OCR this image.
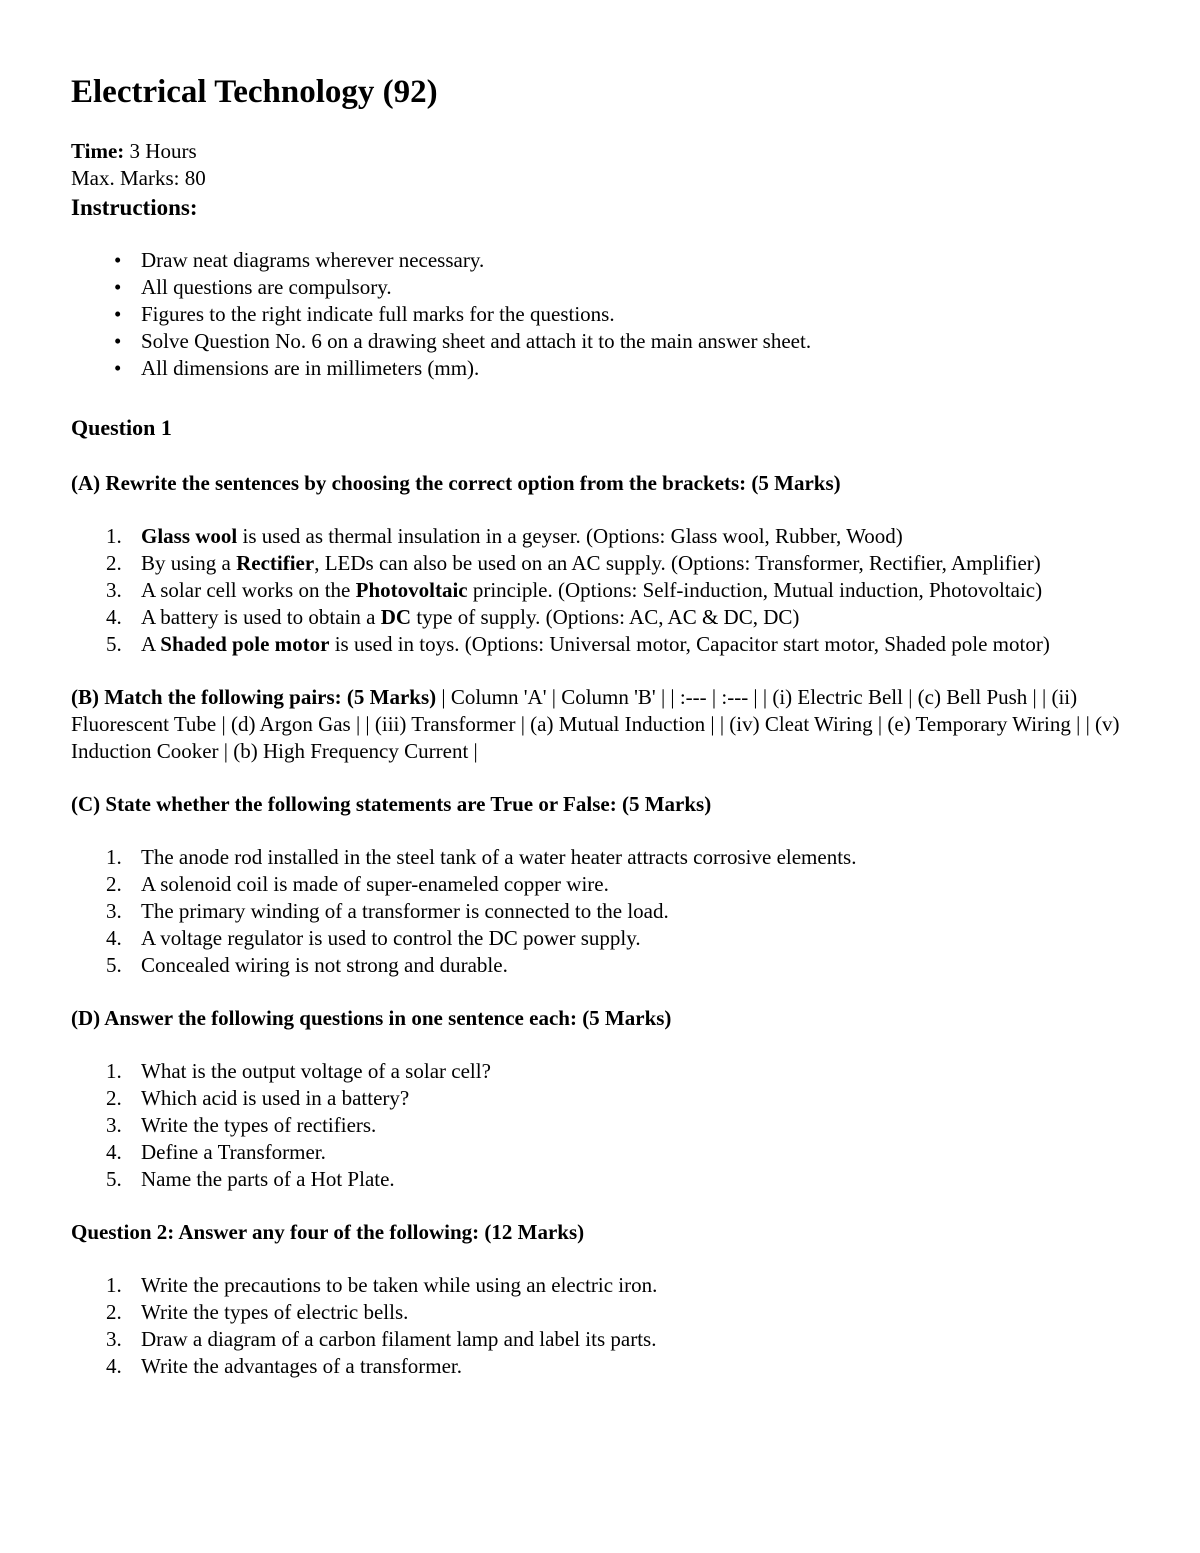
Electrical Technology (92)
Time: 3 Hours
Max. Marks: 80
Instructions:
• Draw neat diagrams wherever necessary.
• All questions are compulsory.
• Figures to the right indicate full marks for the questions.
• Solve Question No. 6 on a drawing sheet and attach it to the main answer sheet.
• All dimensions are in millimeters (mm).
Question 1
(A) Rewrite the sentences by choosing the correct option from the brackets: (5 Marks)
1. Glass wool is used as thermal insulation in a geyser. (Options: Glass wool, Rubber, Wood)
2. By using a Rectifier, LEDs can also be used on an AC supply. (Options: Transformer, Rectifier, Amplifier)
3. A solar cell works on the Photovoltaic principle. (Options: Self-induction, Mutual induction, Photovoltaic)
4. A battery is used to obtain a DC type of supply. (Options: AC, AC & DC, DC)
5. A Shaded pole motor is used in toys. (Options: Universal motor, Capacitor start motor, Shaded pole motor)
(B) Match the following pairs: (5 Marks) | Column 'A' | Column 'B' | | :--- | :--- | | (i) Electric Bell | (c) Bell Push | | (ii) Fluorescent Tube | (d) Argon Gas | | (iii) Transformer | (a) Mutual Induction | | (iv) Cleat Wiring | (e) Temporary Wiring | | (v) Induction Cooker | (b) High Frequency Current |
(C) State whether the following statements are True or False: (5 Marks)
1. The anode rod installed in the steel tank of a water heater attracts corrosive elements.
2. A solenoid coil is made of super-enameled copper wire.
3. The primary winding of a transformer is connected to the load.
4. A voltage regulator is used to control the DC power supply.
5. Concealed wiring is not strong and durable.
(D) Answer the following questions in one sentence each: (5 Marks)
1. What is the output voltage of a solar cell?
2. Which acid is used in a battery?
3. Write the types of rectifiers.
4. Define a Transformer.
5. Name the parts of a Hot Plate.
Question 2: Answer any four of the following: (12 Marks)
1. Write the precautions to be taken while using an electric iron.
2. Write the types of electric bells.
3. Draw a diagram of a carbon filament lamp and label its parts.
4. Write the advantages of a transformer.
